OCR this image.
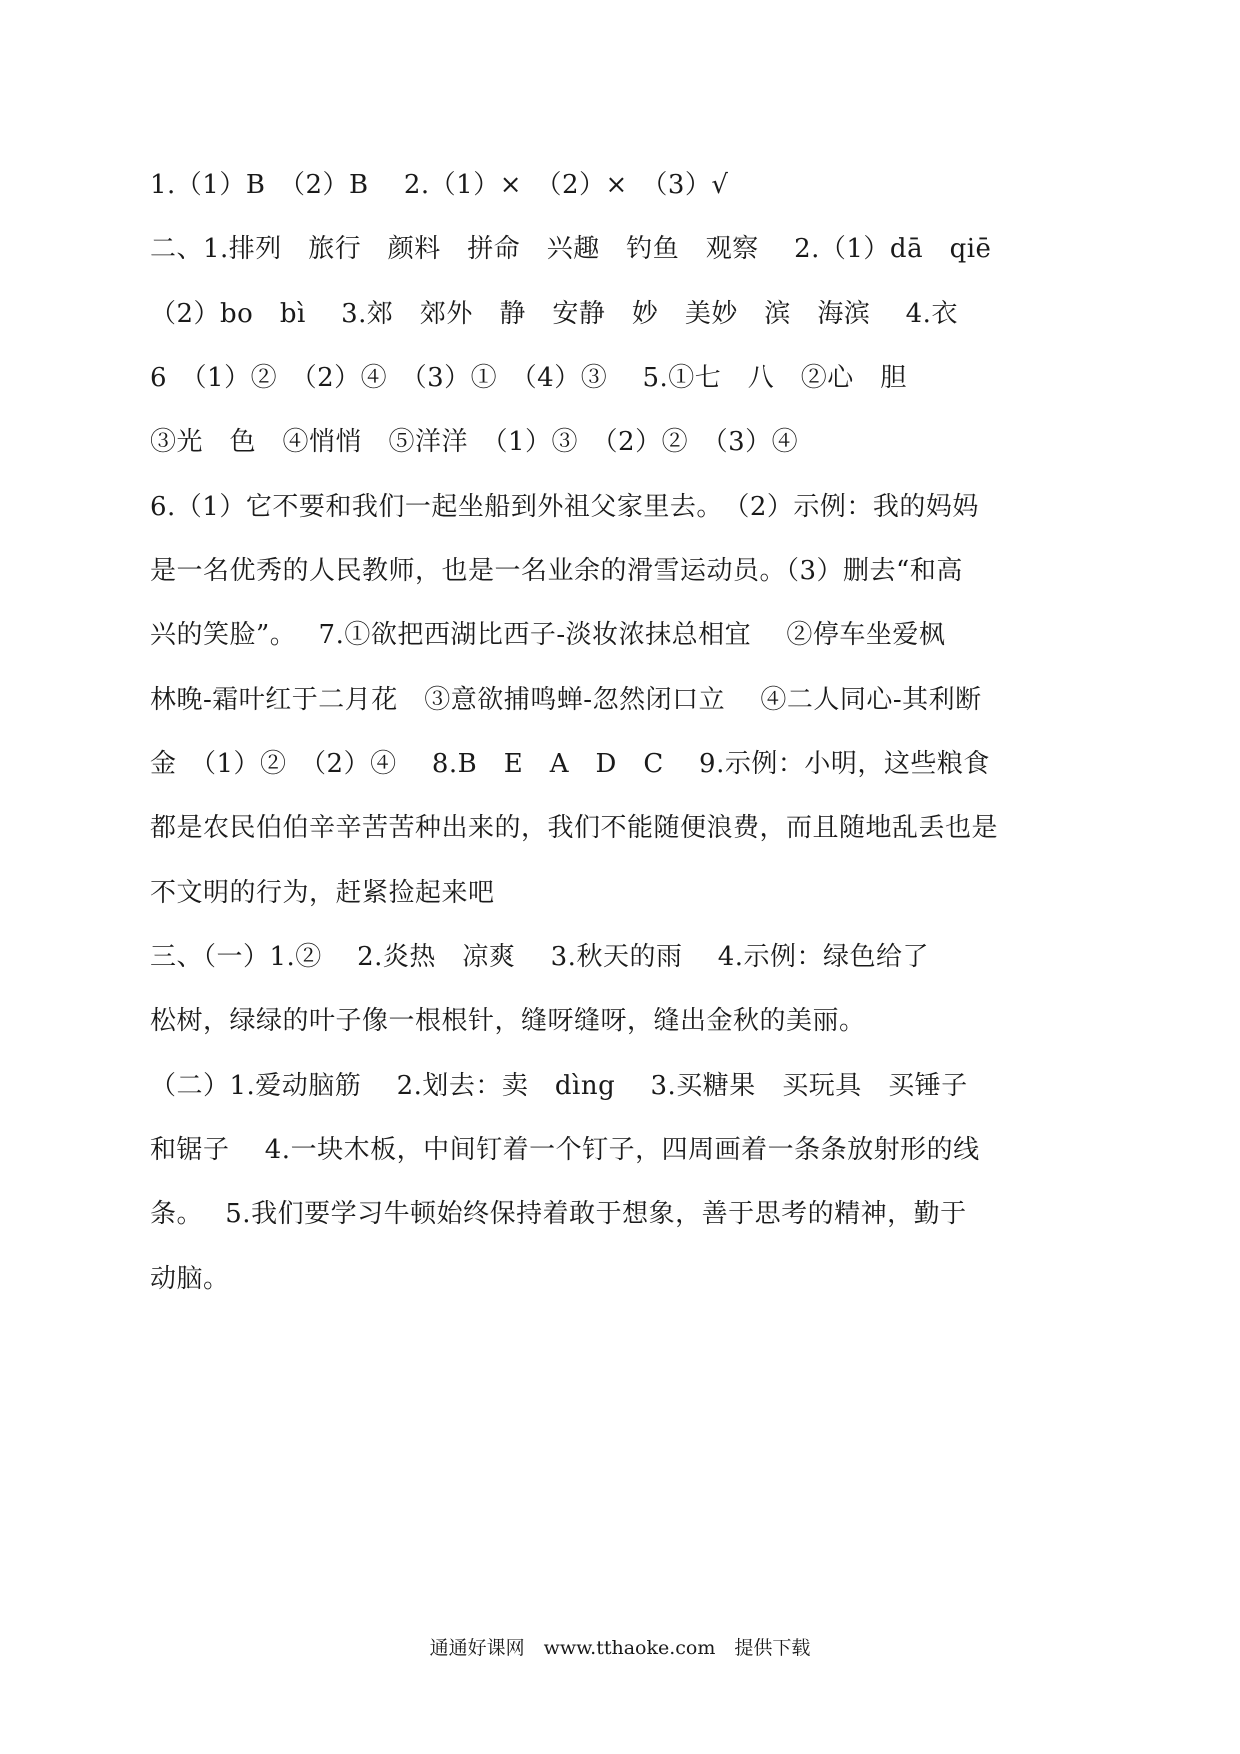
1.（1）B　（2）B　 2.（1）×　（2）×　（3）√
二、1.排列　旅行　颜料　拼命　兴趣　钓鱼　观察　 2.（1）dā　qiē
（2）bo　bì　 3.郊　郊外　静　安静　妙　美妙　滨　海滨　 4.衣
6　（1）②　（2）④　（3）①　（4）③　 5.①七　八　②心　胆
③光　色　④悄悄　⑤洋洋　（1）③　（2）②　（3）④
6.（1）它不要和我们一起坐船到外祖父家里去。　（2）示例：我的妈妈
是一名优秀的人民教师，也是一名业余的滑雪运动员。（3）删去“和高
兴的笑脸”。　 7.①欲把西湖比西子-淡妆浓抹总相宜　 ②停车坐爱枫
林晚-霜叶红于二月花　③意欲捕鸣蝉-忽然闭口立　 ④二人同心-其利断
金　（1）②　（2）④　 8.B　E　A　D　C　 9.示例：小明，这些粮食
都是农民伯伯辛辛苦苦种出来的，我们不能随便浪费，而且随地乱丢也是
不文明的行为，赶紧捡起来吧
三、（一）1.②　 2.炎热　凉爽　 3.秋天的雨　 4.示例：绿色给了
松树，绿绿的叶子像一根根针，缝呀缝呀，缝出金秋的美丽。
（二）1.爱动脑筋　 2.划去：卖　dìng　 3.买糖果　买玩具　买锤子
和锯子　 4.一块木板，中间钉着一个钉子，四周画着一条条放射形的线
条。　 5.我们要学习牛顿始终保持着敢于想象，善于思考的精神，勤于
动脑。
通通好课网　www.tthaoke.com　提供下载
